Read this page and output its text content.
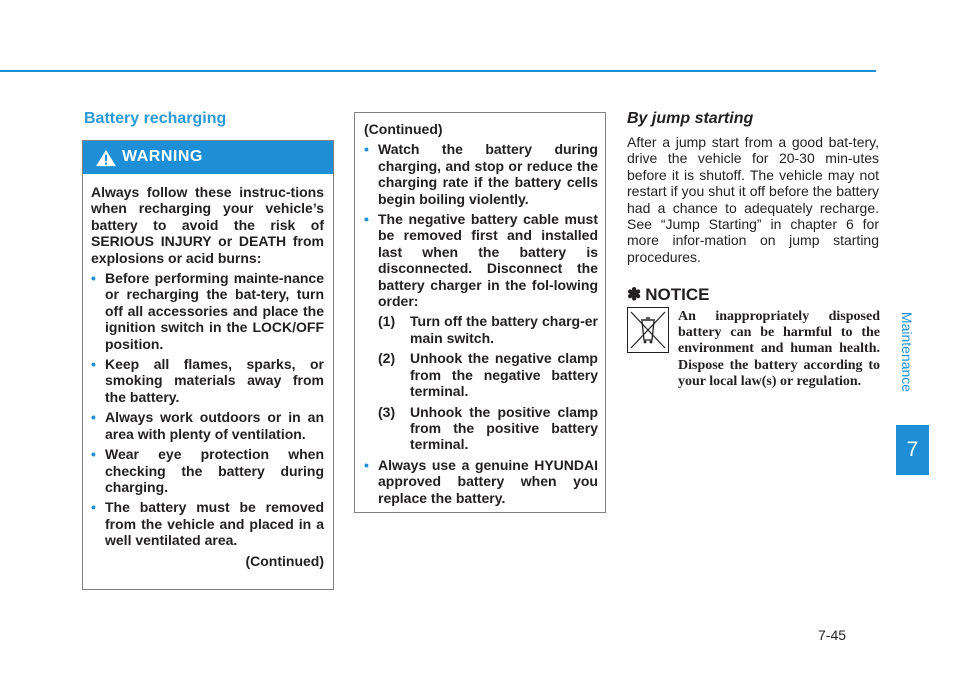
Maintenance
7
Battery recharging
WARNING
Always follow these instruc-tions when recharging your vehicle’s battery to avoid the risk of SERIOUS INJURY or DEATH from explosions or acid burns:
• Before performing mainte-nance or recharging the bat-tery, turn off all accessories and place the ignition switch in the LOCK/OFF position.
• Keep all flames, sparks, or smoking materials away from the battery.
• Always work outdoors or in an area with plenty of ventilation.
• Wear eye protection when checking the battery during charging.
• The battery must be removed from the vehicle and placed in a well ventilated area.
(Continued)
(Continued)
• Watch the battery during charging, and stop or reduce the charging rate if the battery cells begin boiling violently.
• The negative battery cable must be removed first and installed last when the battery is disconnected. Disconnect the battery charger in the fol-lowing order:
(1) Turn off the battery charg-er main switch.
(2) Unhook the negative clamp from the negative battery terminal.
(3) Unhook the positive clamp from the positive battery terminal.
• Always use a genuine HYUNDAI approved battery when you replace the battery.
By jump starting
After a jump start from a good bat-tery, drive the vehicle for 20-30 min-utes before it is shutoff. The vehicle may not restart if you shut it off before the battery had a chance to adequately recharge. See “Jump Starting” in chapter 6 for more infor-mation on jump starting procedures.
✽ NOTICE
An inappropriately disposed battery can be harmful to the environment and human health. Dispose the battery according to your local law(s) or regulation.
7-45
